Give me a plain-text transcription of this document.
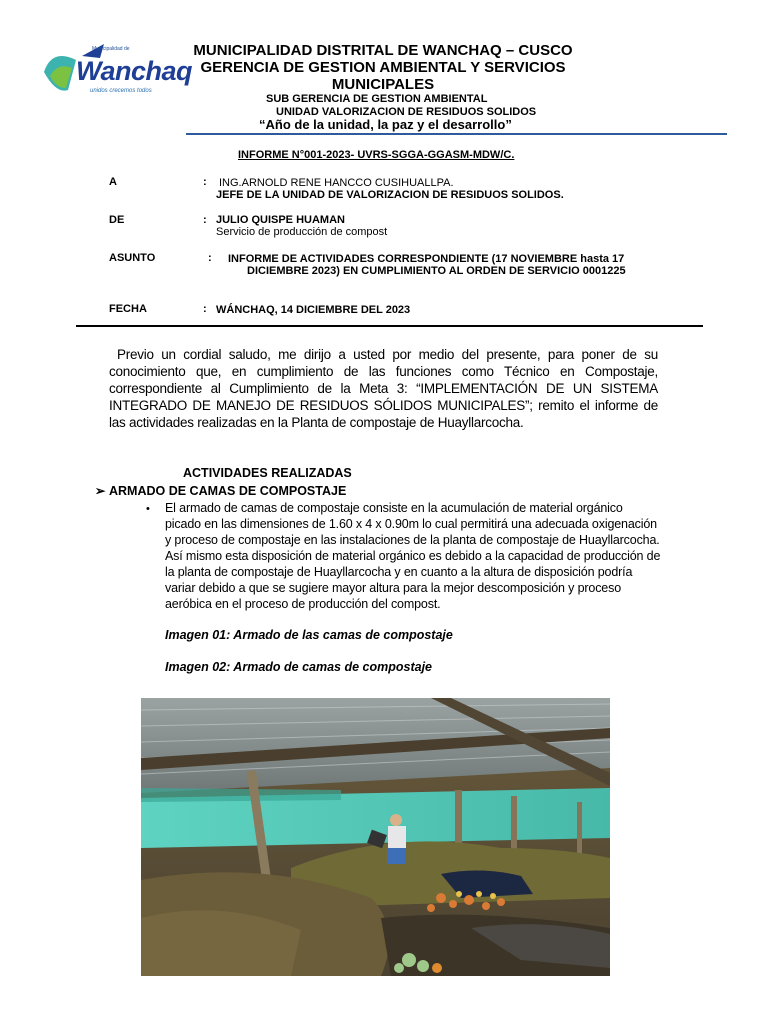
Municipalidad de
Wanchaq
unidos crecemos todos
MUNICIPALIDAD DISTRITAL DE WANCHAQ – CUSCO
GERENCIA DE GESTION AMBIENTAL Y SERVICIOS
MUNICIPALES
SUB GERENCIA DE GESTION AMBIENTAL
UNIDAD VALORIZACION DE RESIDUOS SOLIDOS
“Año de la unidad, la paz y el desarrollo”
INFORME N°001-2023- UVRS-SGGA-GGASM-MDW/C.
A	: ING.ARNOLD RENE HANCCO CUSIHUALLPA.
JEFE DE LA UNIDAD DE VALORIZACION DE RESIDUOS SOLIDOS.
DE	: JULIO QUISPE HUAMAN
Servicio de producción de compost
ASUNTO	: INFORME DE ACTIVIDADES CORRESPONDIENTE (17 NOVIEMBRE hasta 17
DICIEMBRE 2023) EN CUMPLIMIENTO AL ORDEN DE SERVICIO 0001225
FECHA	: WÁNCHAQ, 14 DICIEMBRE DEL 2023
Previo un cordial saludo, me dirijo a usted por medio del presente, para poner de su conocimiento que, en cumplimiento de las funciones como Técnico en Compostaje, correspondiente al Cumplimiento de la Meta 3: “IMPLEMENTACIÓN DE UN SISTEMA INTEGRADO DE MANEJO DE RESIDUOS SÓLIDOS MUNICIPALES”; remito el informe de las actividades realizadas en la Planta de compostaje de Huayllarcocha.
ACTIVIDADES REALIZADAS
➢ ARMADO DE CAMAS DE COMPOSTAJE
• El armado de camas de compostaje consiste en la acumulación de material orgánico picado en las dimensiones de 1.60 x 4 x 0.90m lo cual permitirá una adecuada oxigenación y proceso de compostaje en las instalaciones de la planta de compostaje de Huayllarcocha. Así mismo esta disposición de material orgánico es debido a la capacidad de producción de la planta de compostaje de Huayllarcocha y en cuanto a la altura de disposición podría variar debido a que se sugiere mayor altura para la mejor descomposición y proceso aeróbica en el proceso de producción del compost.
Imagen 01: Armado de las camas de compostaje
Imagen 02: Armado de camas de compostaje
